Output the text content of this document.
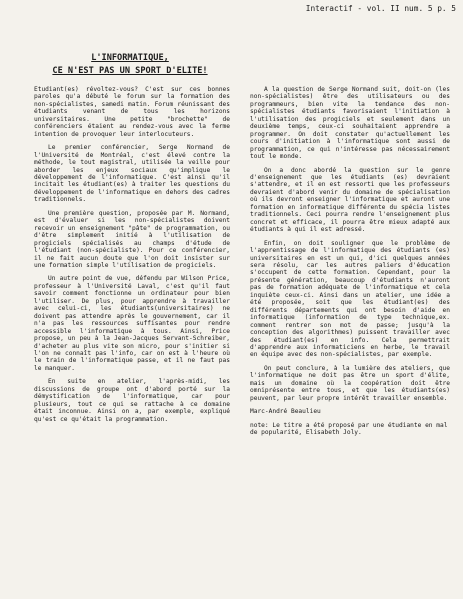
Interactif - vol. II num. 5 p. 5
L'INFORMATIQUE,
CE N'EST PAS UN SPORT D'ELITE!

Etudiant(es) révoltez-vous? C'est sur ces bonnes paroles qu'a débuté le forum sur la formation des non-spécialistes, samedi matin. Forum réunissant des étudiants venant de tous les horizons universitaires. Une petite "brochette" de conférenciers étaient au rendez-vous avec la ferme intention de provoquer leur interlocuteurs.

Le premier conférencier, Serge Normand de l'Université de Montréal, c'est élevé contre la méthode, le tout magistral, utilisée la veille pour aborder les enjeux sociaux qu'implique le développement de l'informatique. C'est ainsi qu'il incitait les étudiant(es) à traiter les questions du développement de l'informatique en dehors des cadres traditionnels.

Une première question, proposée par M. Normand, est d'évaluer si les non-spécialistes doivent recevoir un enseignement "pâte" de programmation, ou d'être simplement initié à l'utilisation de progiciels spécialisés au champs d'étude de l'étudiant (non-spécialiste). Pour ce conférencier, il ne fait aucun doute que l'on doit insister sur une formation simple l'utilisation de progiciels.

Un autre point de vue, défendu par Wilson Price, professeur à l'Université Laval, c'est qu'il faut savoir comment fonctionne un ordinateur pour bien l'utiliser. De plus, pour apprendre à travailler avec celui-ci, les étudiants(universitaires) ne doivent pas attendre après le gouvernement, car il n'a pas les ressources suffisantes pour rendre accessible l'informatique à tous. Ainsi, Price propose, un peu à la Jean-Jacques Servant-Schreiber, d'acheter au plus vite son micro, pour s'initier si l'on ne connaît pas l'info, car on est à l'heure où le train de l'informatique passe, et il ne faut pas le manquer.

En suite en atelier, l'après-midi, les discussions de groupe ont d'abord porté sur la démystification de l'informatique, car pour plusieurs, tout ce qui se rattache à ce domaine était inconnue. Ainsi on a, par exemple, expliqué qu'est ce qu'était la programmation.

A la question de Serge Normand suit, doit-on (les non-spécialistes) être des utilisateurs ou des programmeurs, bien vite la tendance des non-spécialistes étudiants favorisaient l'initiation à l'utilisation des progiciels et seulement dans un deuxième temps, ceux-ci souhaitaient apprendre a programmer. On doit constater qu'actuellement les cours d'initiation à l'informatique sont aussi de programmation, ce qui n'intéresse pas nécessairement tout le monde.

On a donc abordé la question sur le genre d'enseignement que les étudiants (es) devraient s'attendre, et il en est ressorti que les professeurs devraient d'abord venir du domaine de spécialisation où ils devront enseigner l'informatique et auront une formation en informatique différente du spécia listes traditionnels. Ceci pourra rendre l'enseignement plus concret et efficace, il pourra être mieux adapté aux étudiants à qui il est adressé.

Enfin, on doit souligner que le problème de l'apprentissage de l'informatique des étudiants (es) universitaires en est un qui, d'ici quelques années sera résolu, car les autres paliers d'éducation s'occupent de cette formation. Cependant, pour la présente génération, beaucoup d'étudiants n'auront pas de formation adéquate de l'informatique et cela inquiète ceux-ci. Ainsi dans un atelier, une idée a été proposée, soit que les étudiant(es) des différents départements qui ont besoin d'aide en informatique (information de type technique,ex. comment rentrer son mot de passe; jusqu'à la conception des algorithmes) puissent travailler avec des étudiant(es) en info. Cela permettrait d'apprendre aux informaticiens en herbe, le travail en équipe avec des non-spécialistes, par exemple.

On peut conclure, à la lumière des ateliers, que l'informatique ne doit pas être un sport d'élite, mais un domaine où la coopération doit être omniprésente entre tous, et que les étudiants(es) peuvent, par leur propre intérêt travailler ensemble.

Marc-André Beaulieu
note: Le titre a été proposé par une étudiante en mal de popularité, Elisabeth Joly.
